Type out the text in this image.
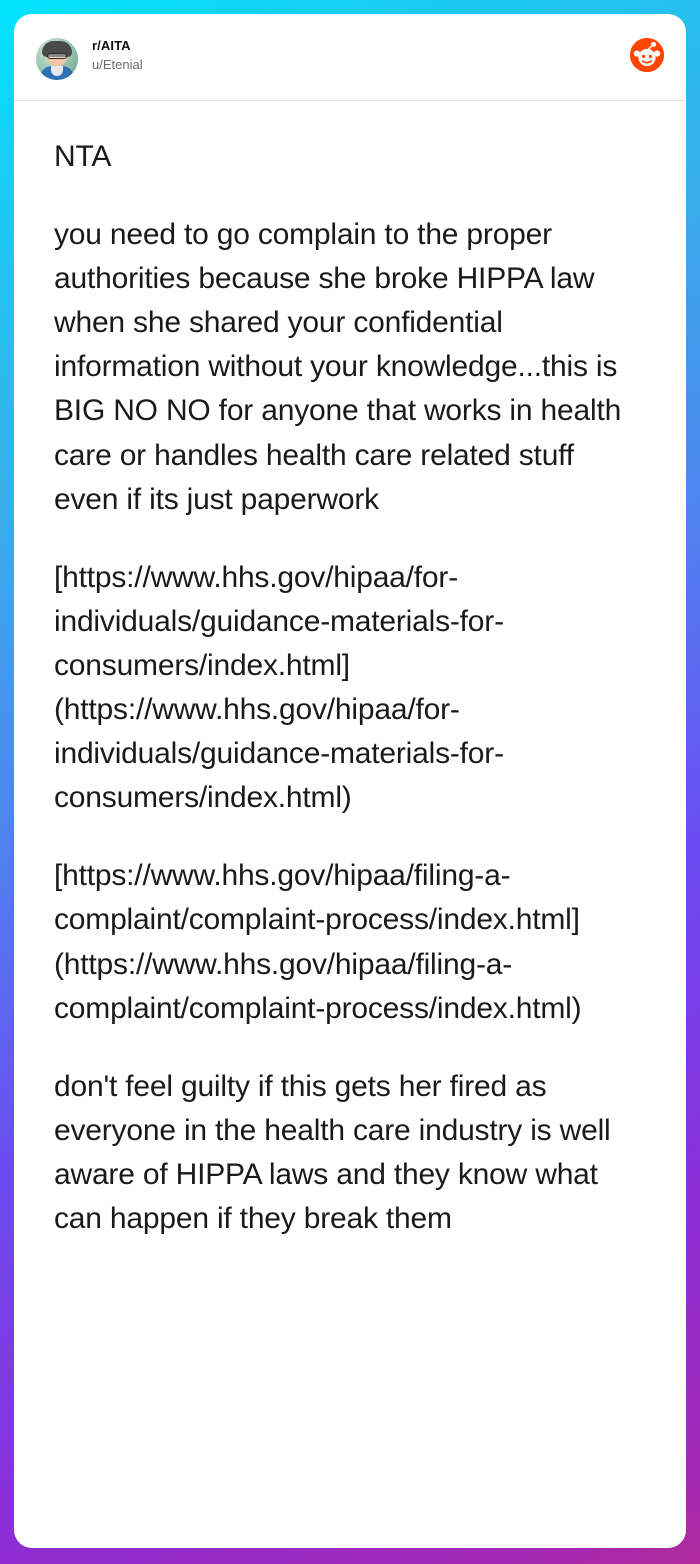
r/AITA
u/Etenial

NTA

you need to go complain to the proper authorities because she broke HIPPA law when she shared your confidential information without your knowledge...this is BIG NO NO for anyone that works in health care or handles health care related stuff even if its just paperwork

[https://www.hhs.gov/hipaa/for-individuals/guidance-materials-for-consumers/index.html](https://www.hhs.gov/hipaa/for-individuals/guidance-materials-for-consumers/index.html)

[https://www.hhs.gov/hipaa/filing-a-complaint/complaint-process/index.html](https://www.hhs.gov/hipaa/filing-a-complaint/complaint-process/index.html)

don't feel guilty if this gets her fired as everyone in the health care industry is well aware of HIPPA laws and they know what can happen if they break them
